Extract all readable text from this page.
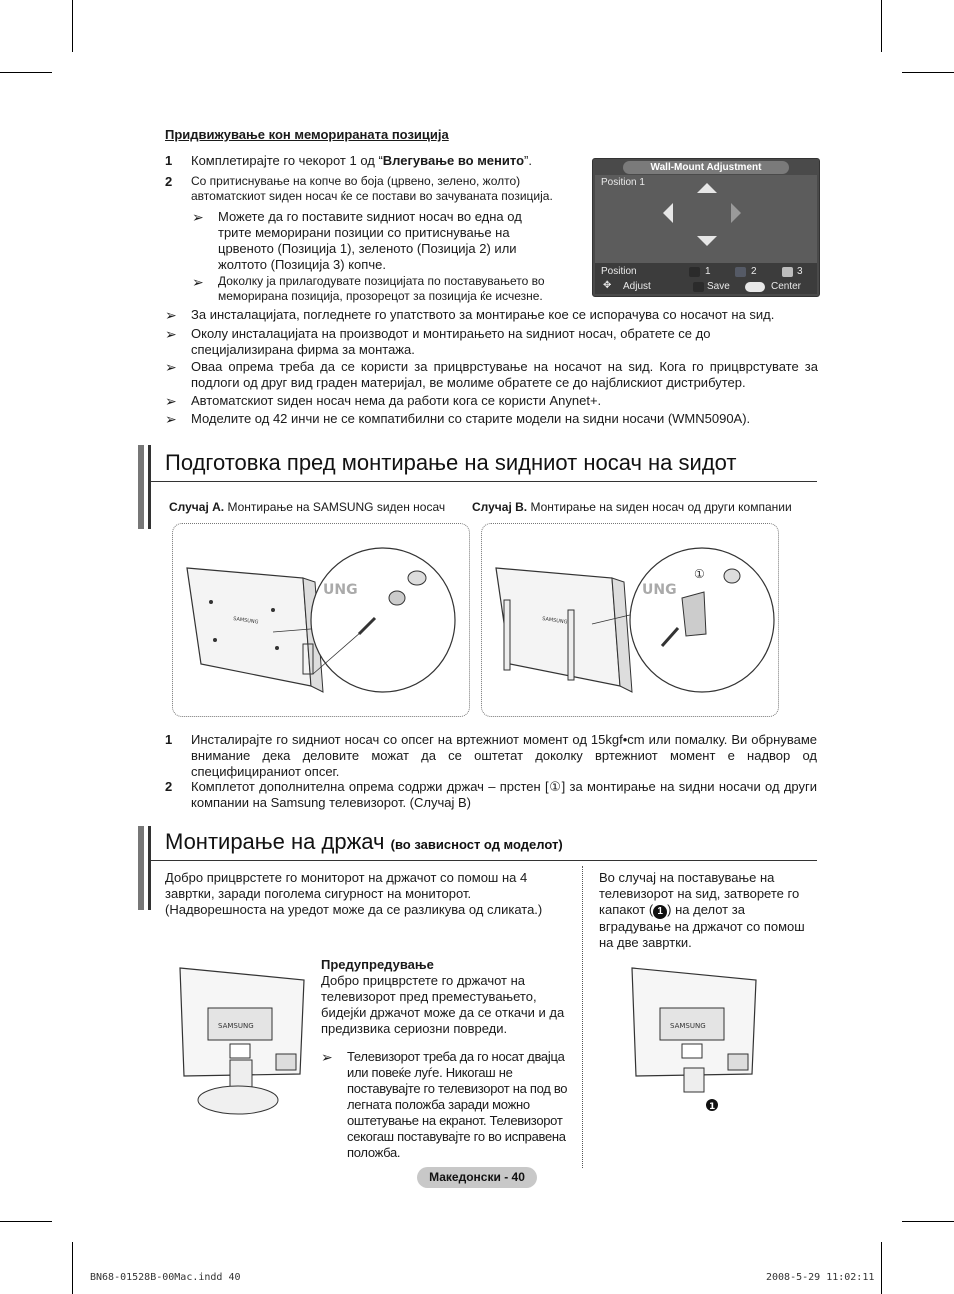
Придвижување кон меморираната позиција
1	Комплетирајте го чекорот 1 од “Влегување во менито”.
2	Со притиснување на копче во боја (црвено, зелено, жолто) автоматскиот ѕиден носач ќе се постави во зачуваната позиција.
➢	Можете да го поставите ѕидниот носач во една од трите меморирани позиции со притиснување на црвеното (Позиција 1), зеленото (Позиција 2) или жолтото (Позиција 3) копче.
➢	Доколку ја прилагодувате позицијата по поставувањето во меморирана позиција, прозорецот за позиција ќе исчезне.
➢	За инсталацијата, погледнете го упатството за монтирање кое се испорачува со носачот на ѕид.
➢	Околу инсталацијата на производот и монтирањето на ѕидниот носач, обратете се до специјализирана фирма за монтажа.
➢	Оваа опрема треба да се користи за прицврстување на носачот на ѕид. Кога го прицврстувате за подлоги од друг вид граден материјал, ве молиме обратете се до најблискиот дистрибутер.
➢	Автоматскиот ѕиден носач нема да работи кога се користи Anynet+.
➢	Моделите од 42 инчи не се компатибилни со старите модели на ѕидни носачи (WMN5090A).
Wall-Mount Adjustment
Position 1
Position	1	2	3
✥ Adjust	Save	Center
Подготовка пред монтирање на ѕидниот носач на ѕидот
Случај А. Монтирање на SAMSUNG ѕиден носач Случај B. Монтирање на ѕиден носач од други компании
SAMSUNG
UNG
SAMSUNG
UNG
①
1	Инсталирајте го ѕидниот носач со опсег на вртежниот момент од 15kgf•cm или помалку. Ви обрнуваме внимание дека деловите можат да се оштетат доколку вртежниот момент е надвор од специфицираниот опсег.
2	Комплетот дополнителна опрема содржи држач – прстен [①] за монтирање на ѕидни носачи од други компании на Samsung телевизорот. (Случај B)
Монтирање на држач (во зависност од моделот)
Добро прицврстете го мониторот на држачот со помош на 4 завртки, заради поголема сигурност на мониторот. (Надворешноста на уредот може да се разликува од сликата.)
Во случај на поставување на телевизорот на ѕид, затворете го капакот ( 1 ) на делот за вградување на држачот со помош на две завртки.
SAMSUNG
Предупредување
Добро прицврстете го држачот на телевизорот пред преместувањето, бидејќи држачот може да се откачи и да предизвика сериозни повреди.
➢	Телевизорот треба да го носат двајца или повеќе луѓе. Никогаш не поставувајте го телевизорот на под во легната положба заради можно оштетување на екранот. Телевизорот секогаш поставувајте го во исправена положба.
SAMSUNG
1
Македонски - 40
BN68-01528B-00Mac.indd 40	2008-5-29 11:02:11
